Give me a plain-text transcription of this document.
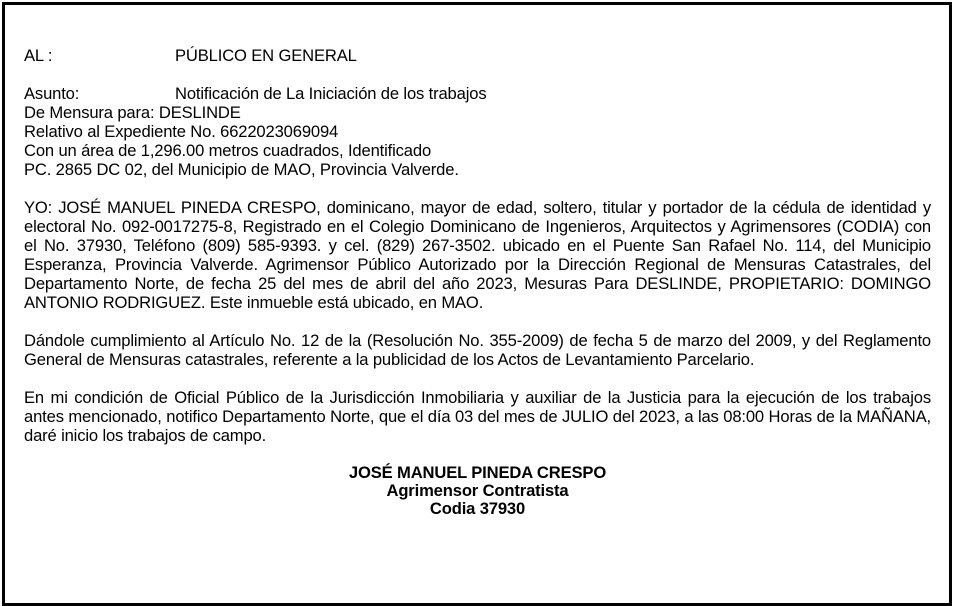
AL :	PÚBLICO EN GENERAL
Asunto:	Notificación de La Iniciación de los trabajos
De Mensura para: DESLINDE
Relativo al Expediente No. 6622023069094
Con un área de 1,296.00 metros cuadrados, Identificado
PC. 2865 DC 02, del Municipio de MAO, Provincia Valverde.
YO: JOSÉ MANUEL PINEDA CRESPO, dominicano, mayor de edad, soltero, titular y portador de la cédula de identidad y electoral No. 092-0017275-8, Registrado en el Colegio Dominicano de Ingenieros, Arquitectos y Agrimensores (CODIA) con el No. 37930, Teléfono (809) 585-9393. y cel. (829) 267-3502. ubicado en el Puente San Rafael No. 114, del Municipio Esperanza, Provincia Valverde. Agrimensor Público Autorizado por la Dirección Regional de Mensuras Catastrales, del Departamento Norte, de fecha 25 del mes de abril del año 2023, Mesuras Para DESLINDE, PROPIETARIO: DOMINGO ANTONIO RODRIGUEZ. Este inmueble está ubicado, en MAO.
Dándole cumplimiento al Artículo No. 12 de la (Resolución No. 355-2009) de fecha 5 de marzo del 2009, y del Reglamento General de Mensuras catastrales, referente a la publicidad de los Actos de Levantamiento Parcelario.
En mi condición de Oficial Público de la Jurisdicción Inmobiliaria y auxiliar de la Justicia para la ejecución de los trabajos antes mencionado, notifico Departamento Norte, que el día 03 del mes de JULIO del 2023, a las 08:00 Horas de la MAÑANA, daré inicio los trabajos de campo.
JOSÉ MANUEL PINEDA CRESPO
Agrimensor Contratista
Codia 37930
